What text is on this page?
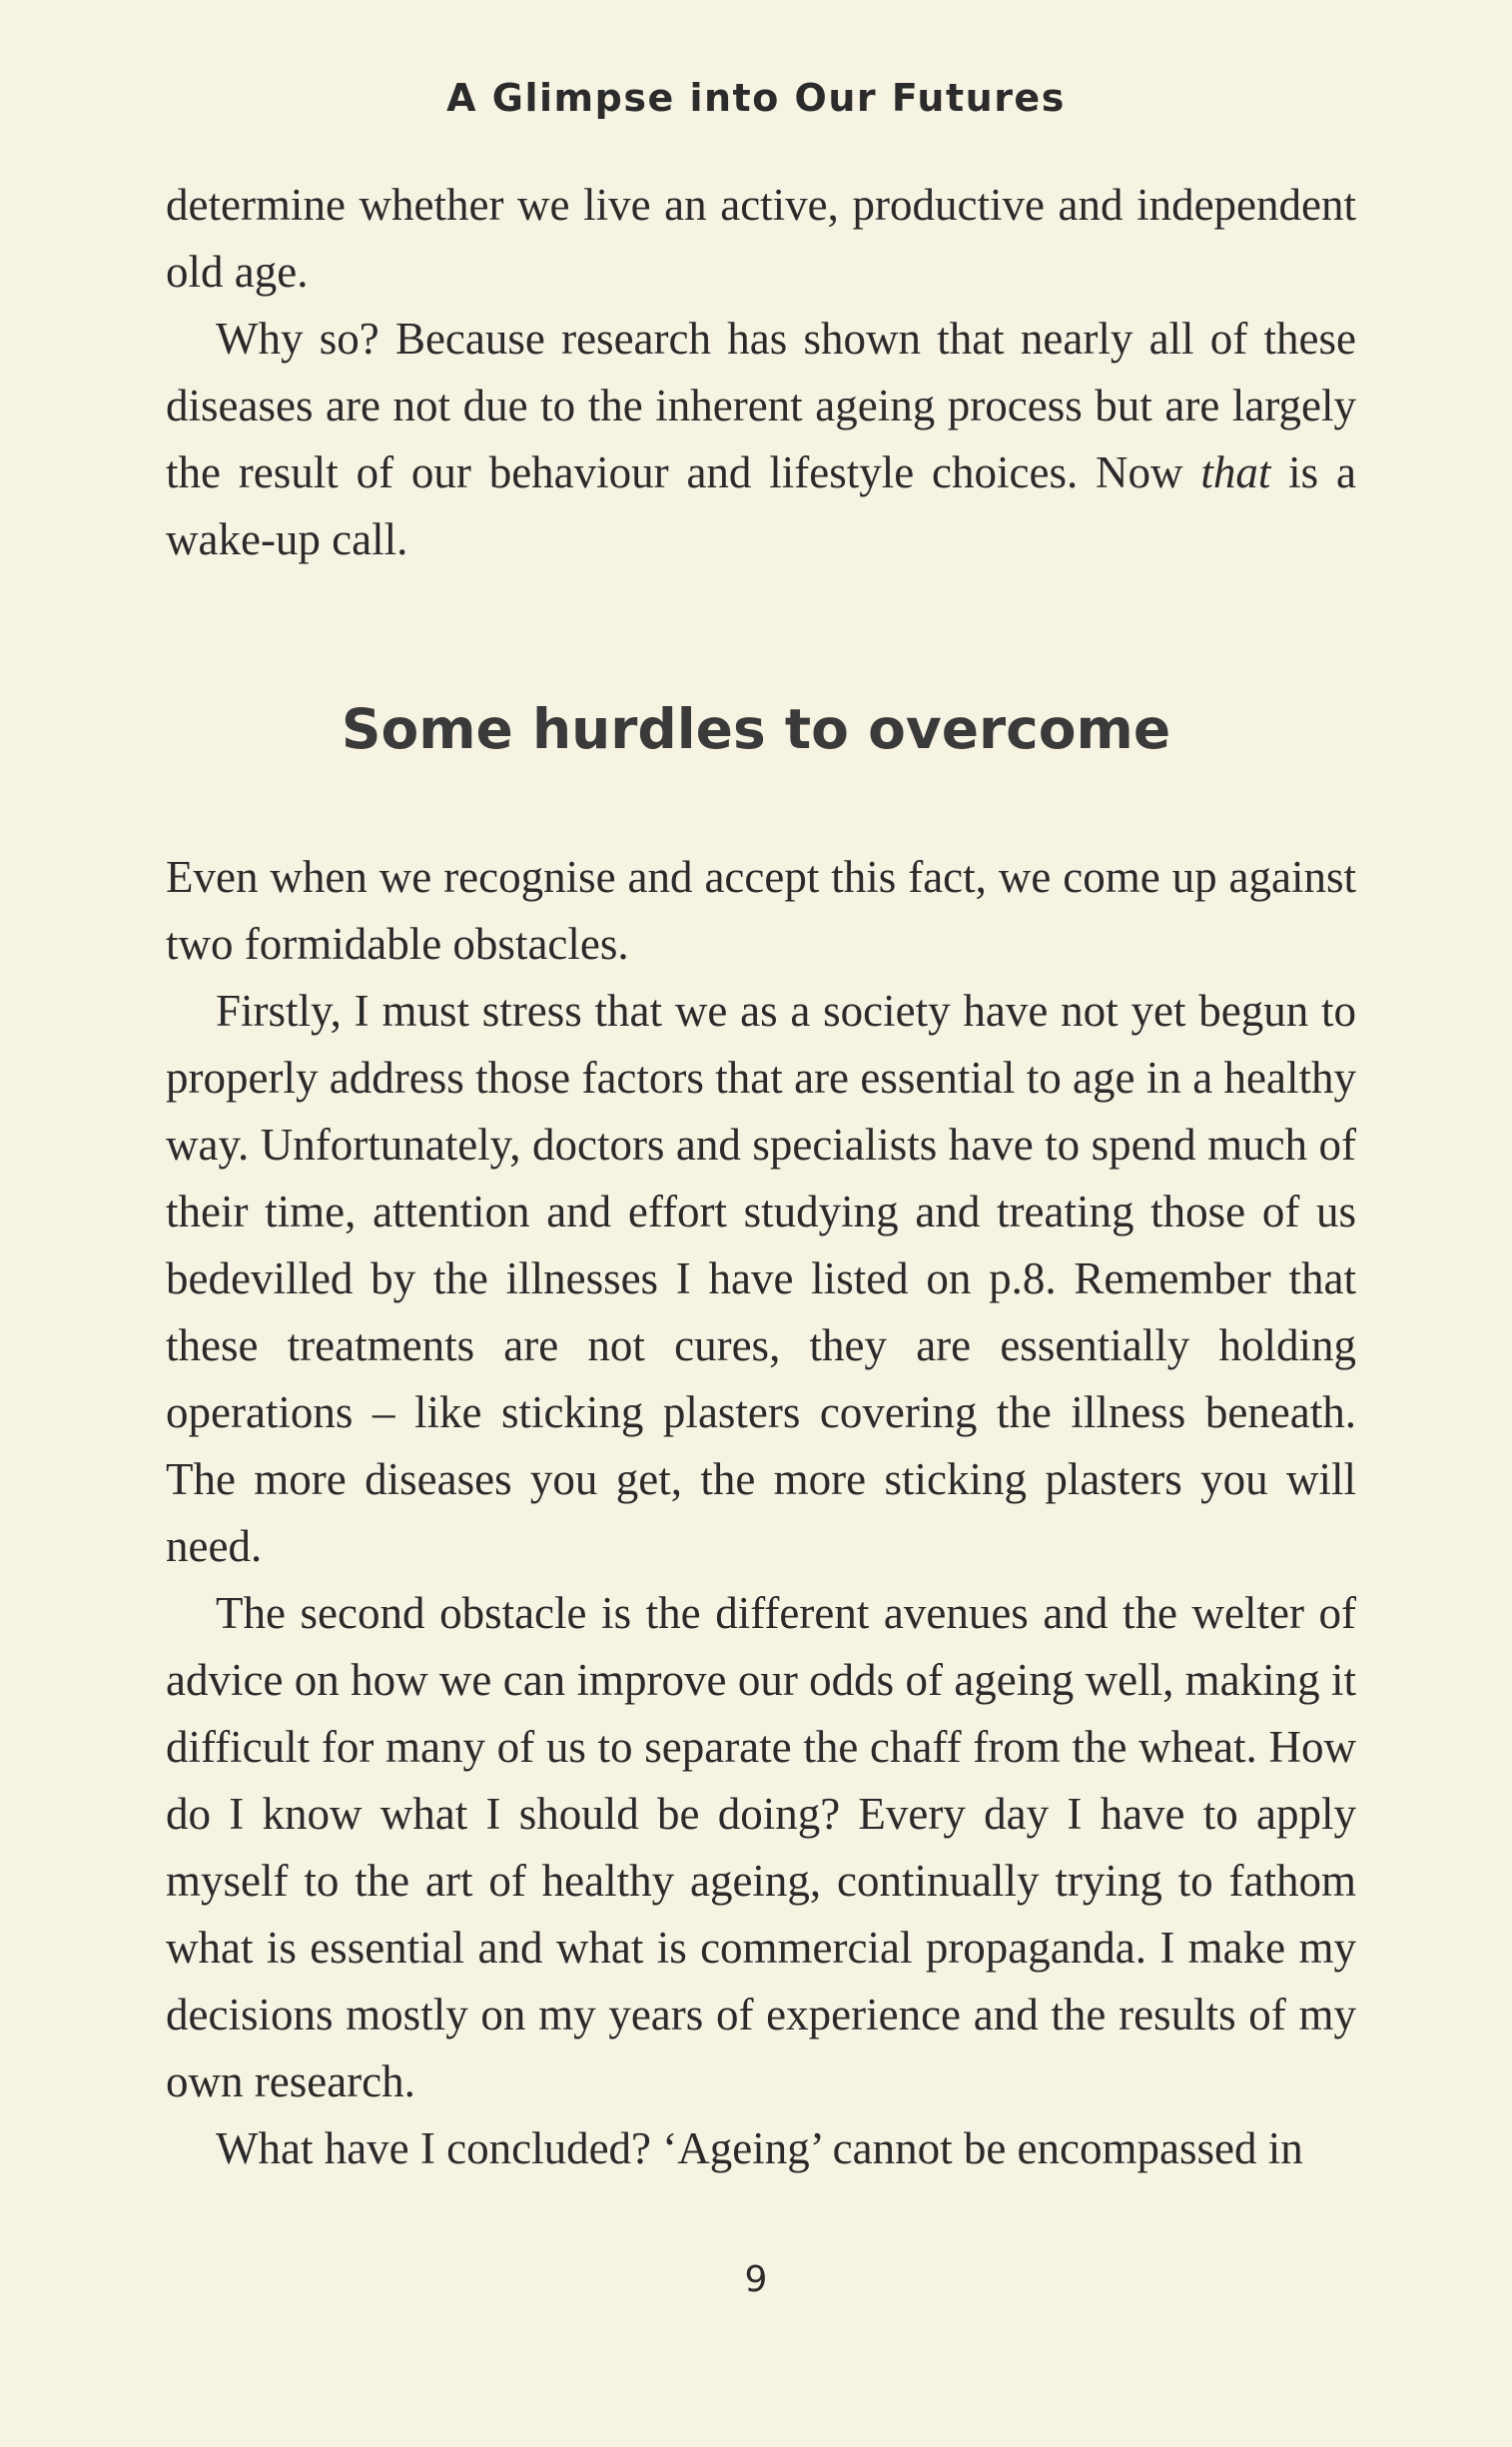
A Glimpse into Our Futures

determine whether we live an active, productive and independent old age.

Why so? Because research has shown that nearly all of these diseases are not due to the inherent ageing process but are largely the result of our behaviour and lifestyle choices. Now that is a wake-up call.

Some hurdles to overcome

Even when we recognise and accept this fact, we come up against two formidable obstacles.

Firstly, I must stress that we as a society have not yet begun to properly address those factors that are essential to age in a healthy way. Unfortunately, doctors and specialists have to spend much of their time, attention and effort studying and treating those of us bedevilled by the illnesses I have listed on p.8. Remember that these treatments are not cures, they are essentially holding operations – like sticking plasters covering the illness beneath. The more diseases you get, the more sticking plasters you will need.

The second obstacle is the different avenues and the welter of advice on how we can improve our odds of ageing well, making it difficult for many of us to separate the chaff from the wheat. How do I know what I should be doing? Every day I have to apply myself to the art of healthy ageing, continually trying to fathom what is essential and what is commercial propaganda. I make my decisions mostly on my years of experience and the results of my own research.

What have I concluded? ‘Ageing’ cannot be encompassed in

9
